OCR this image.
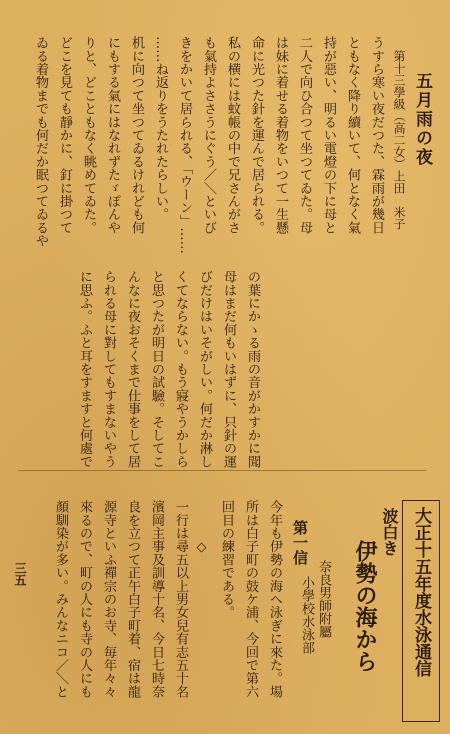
五月雨の夜
第十三學級（高二女）上田　米子
うすら寒い夜だつた、霖雨が幾日
ともなく降り續いて、何となく氣
持が惡い、明るい電燈の下に母と
二人で向ひ合つて坐つてゐた。母
は妹に着せる着物をいつて一生懸
命に光つた針を運んで居られる。
私の横には蚊帳の中で兄さんがさ
も氣持よささうにぐう／＼といび
きをかいて居られる、「ウーン」……
……ね返りをうたれたらしい。
机に向つて坐つてゐるけれども何
にもする氣にはなれずたゞぽんや
りと、どこともなく眺めてゐた。
どこを見ても靜かに、釘に掛つて
ゐる着物までも何だか眠つてゐるや
の葉にかゝる雨の音がかすかに聞
母はまだ何もいはずに、只針の運
びだけはいそがしい。何だか淋し
くてならない。もう寢やうかしら
と思つたが明日の試驗。そしてこ
んなに夜おそくまで仕事をして居
られる母に對してもすまないやう
に思ふ。ふと耳をすますと何處で
大正十五年度水泳通信
波白き
伊勢の海から
奈良男師附屬
小學校水泳部
第一信
今年も伊勢の海へ泳ぎに來た。場
所は白子町の鼓ケ浦、今回で第六
回目の練習である。
◇
一行は尋五以上男女兒有志五十名
濱岡主事及訓導十名、今日七時奈
良を立つて正午白子町着、宿は龍
源寺といふ禪宗のお寺、毎年々々
來るので、町の人にも寺の人にも
顏馴染が多い。みんなニコ／＼と
三五
